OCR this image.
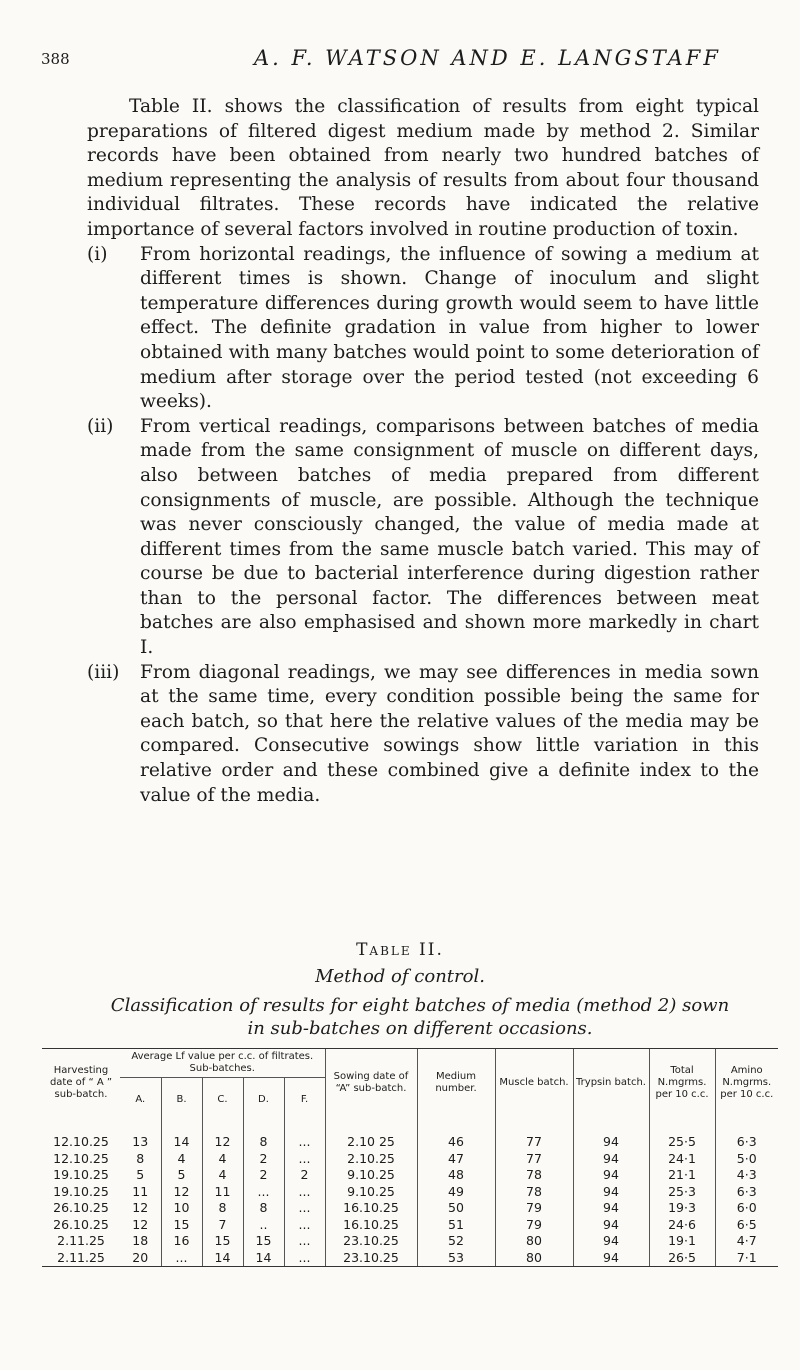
388	A. F. WATSON AND E. LANGSTAFF

Table II. shows the classification of results from eight typical preparations of filtered digest medium made by method 2. Similar records have been obtained from nearly two hundred batches of medium representing the analysis of results from about four thousand individual filtrates. These records have indicated the relative importance of several factors involved in routine production of toxin.

(i)	From horizontal readings, the influence of sowing a medium at different times is shown. Change of inoculum and slight temperature differences during growth would seem to have little effect. The definite gradation in value from higher to lower obtained with many batches would point to some deterioration of medium after storage over the period tested (not exceeding 6 weeks).
(ii)	From vertical readings, comparisons between batches of media made from the same consignment of muscle on different days, also between batches of media prepared from different consignments of muscle, are possible. Although the technique was never consciously changed, the value of media made at different times from the same muscle batch varied. This may of course be due to bacterial interference during digestion rather than to the personal factor. The differences between meat batches are also emphasised and shown more markedly in chart I.
(iii)	From diagonal readings, we may see differences in media sown at the same time, every condition possible being the same for each batch, so that here the relative values of the media may be compared. Consecutive sowings show little variation in this relative order and these combined give a definite index to the value of the media.
Table II.
Method of control.
Classification of results for eight batches of media (method 2) sown in sub-batches on different occasions.
Harvesting date of “ A ” sub-batch.	Average Lf value per c.c. of filtrates. Sub-batches.					Sowing date of “A” sub-batch.	Medium number.	Muscle batch.	Trypsin batch.	Total N.mgrms. per 10 c.c.	Amino N.mgrms. per 10 c.c.
	A.	B.	C.	D.	F.						
12.10.25	13	14	12	8	...	2.10 25	46	77	94	25·5	6·3
12.10.25	8	4	4	2	...	2.10.25	47	77	94	24·1	5·0
19.10.25	5	5	4	2	2	9.10.25	48	78	94	21·1	4·3
19.10.25	11	12	11	...	...	9.10.25	49	78	94	25·3	6·3
26.10.25	12	10	8	8	...	16.10.25	50	79	94	19·3	6·0
26.10.25	12	15	7	..	...	16.10.25	51	79	94	24·6	6·5
2.11.25	18	16	15	15	...	23.10.25	52	80	94	19·1	4·7
2.11.25	20	...	14	14	...	23.10.25	53	80	94	26·5	7·1
